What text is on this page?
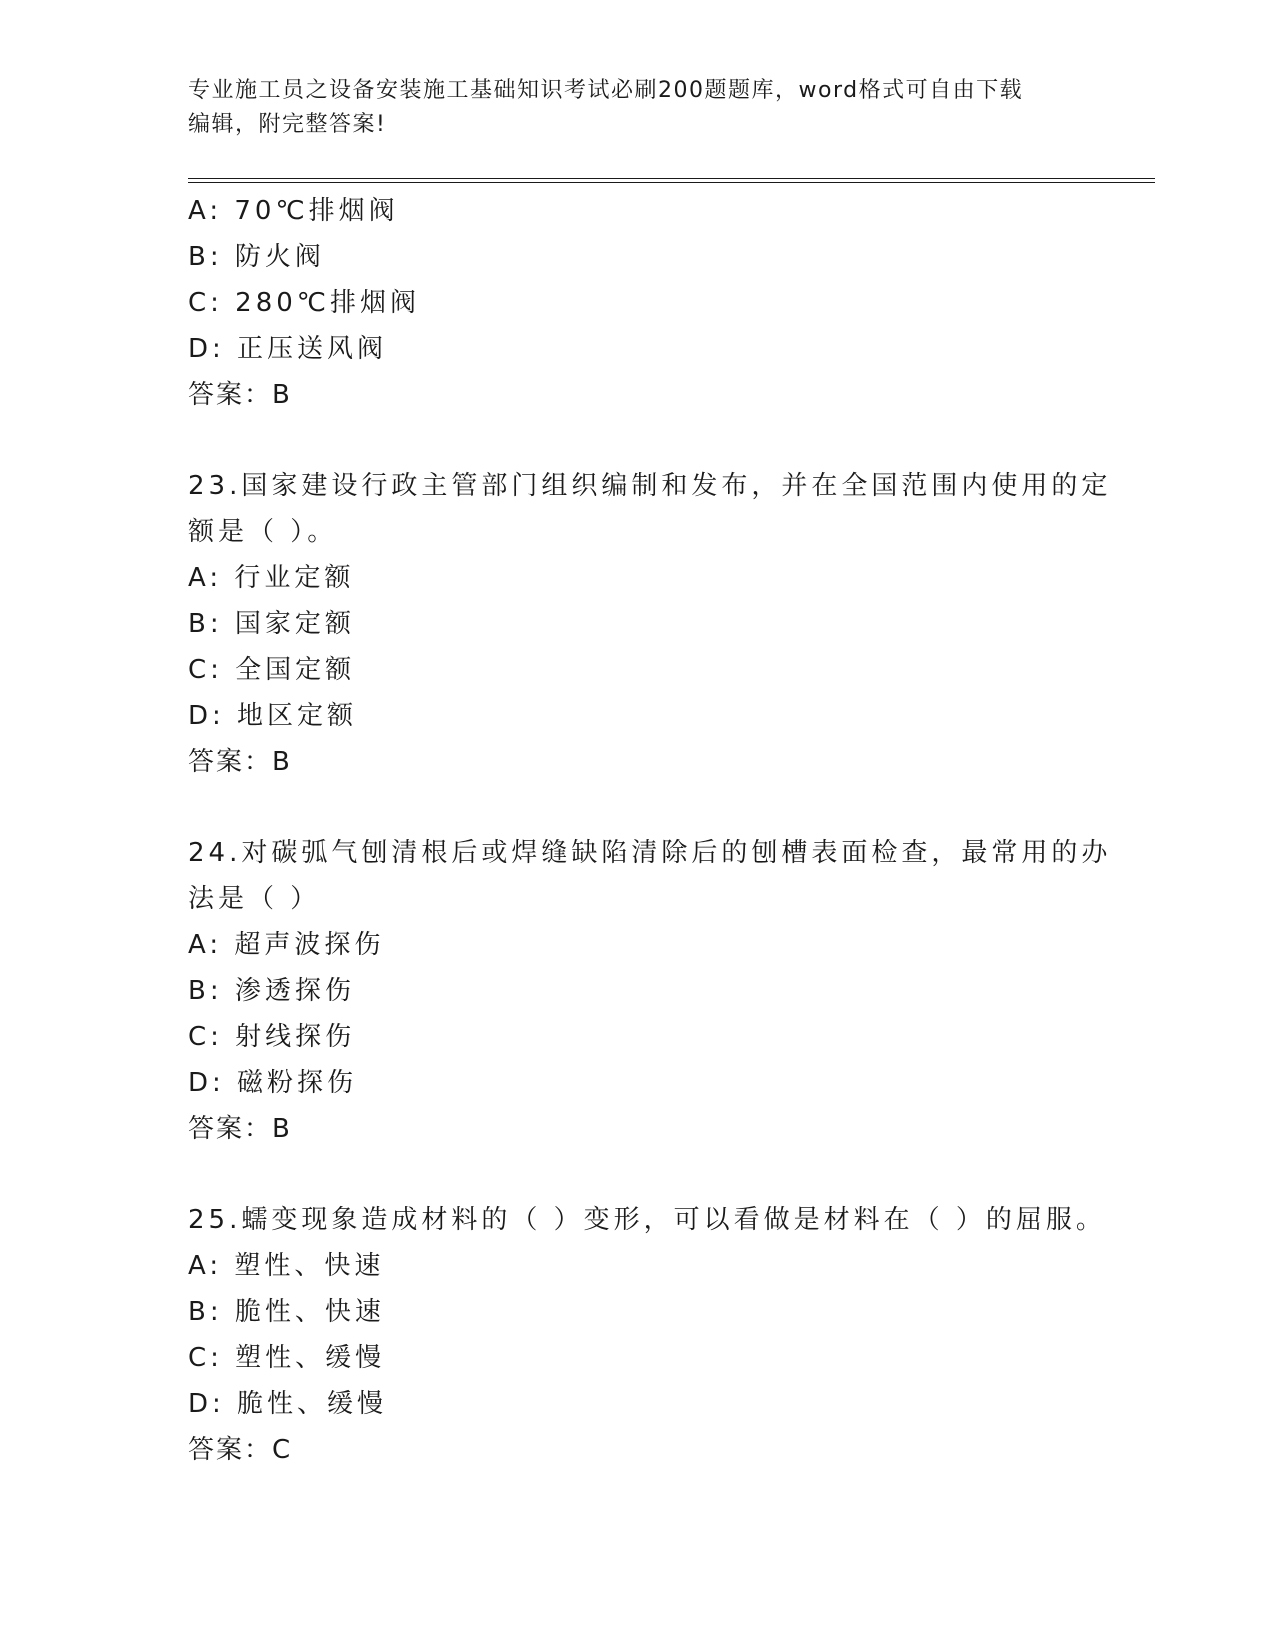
专业施工员之设备安装施工基础知识考试必刷200题题库，word格式可自由下载
编辑，附完整答案!
A: 70℃排烟阀
B: 防火阀
C: 280℃排烟阀
D: 正压送风阀
答案：B
23.国家建设行政主管部门组织编制和发布，并在全国范围内使用的定
额是（ ）。
A: 行业定额
B: 国家定额
C: 全国定额
D: 地区定额
答案：B
24.对碳弧气刨清根后或焊缝缺陷清除后的刨槽表面检查，最常用的办
法是（ ）
A: 超声波探伤
B: 渗透探伤
C: 射线探伤
D: 磁粉探伤
答案：B
25.蠕变现象造成材料的（ ）变形，可以看做是材料在（ ）的屈服。
A: 塑性、快速
B: 脆性、快速
C: 塑性、缓慢
D: 脆性、缓慢
答案：C
